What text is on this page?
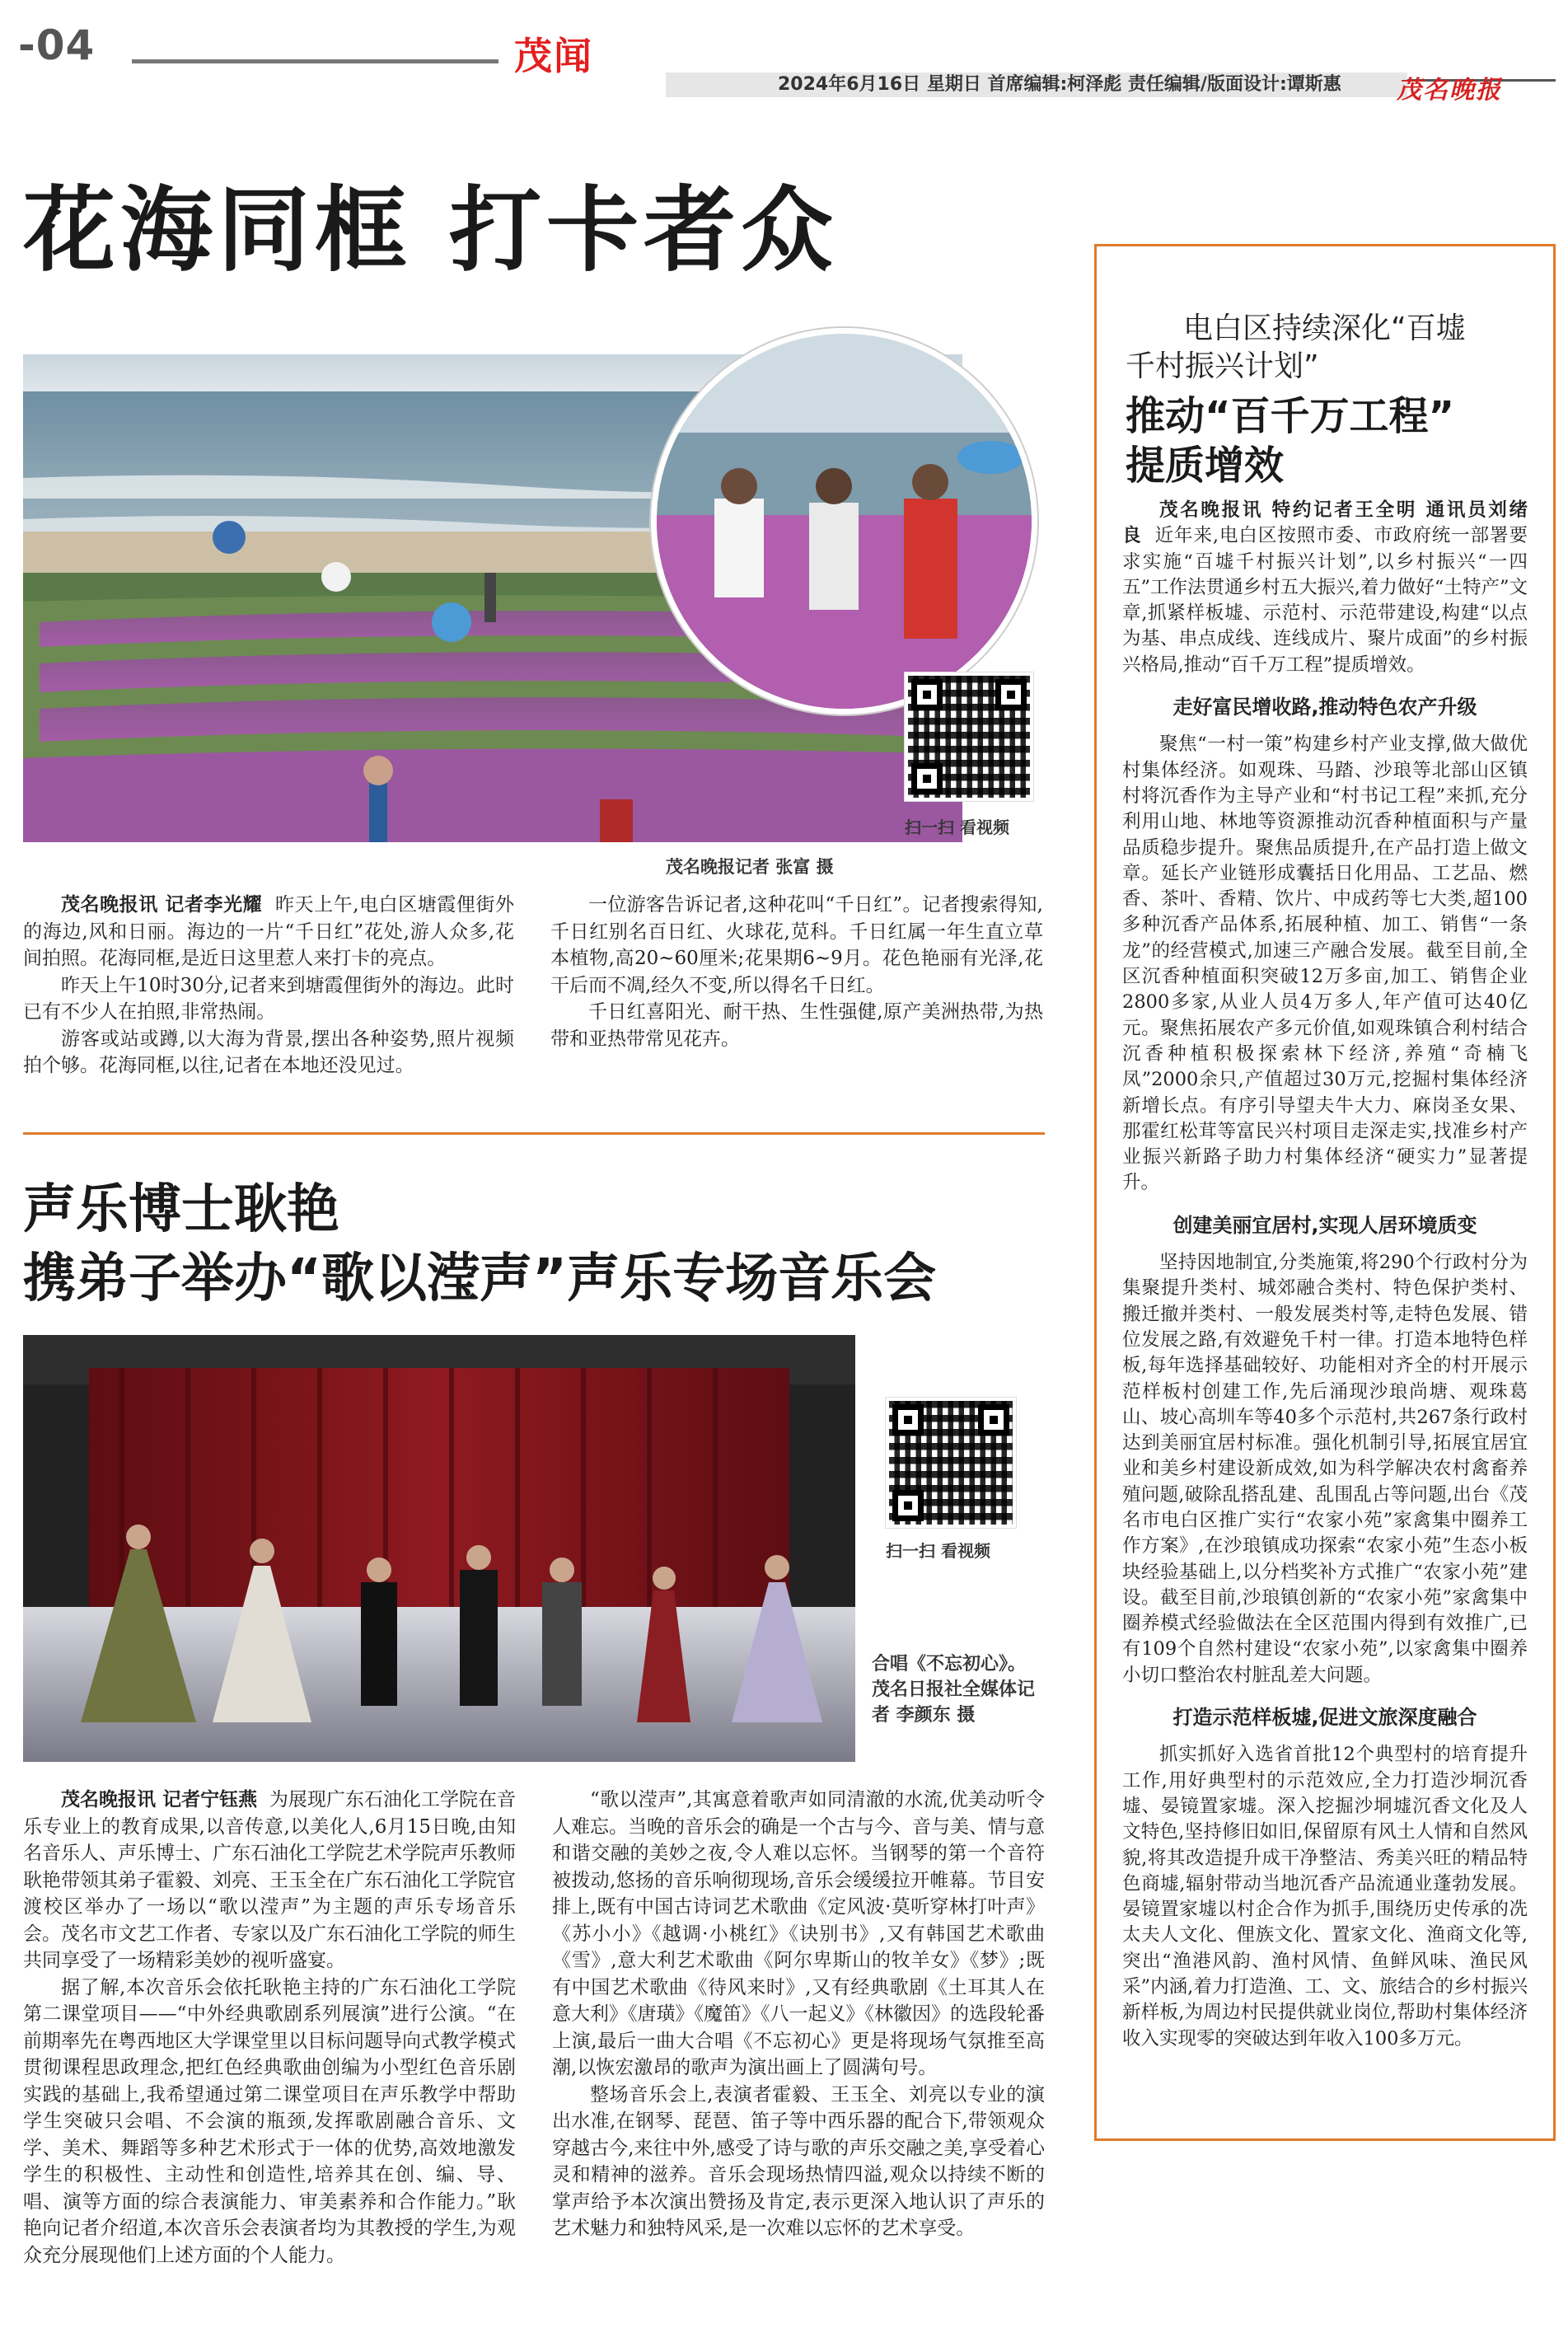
-04	茂闻
2024年6月16日 星期日 首席编辑:柯泽彪 责任编辑/版面设计:谭斯惠 茂名晚报
花海同框 打卡者众
扫一扫 看视频
茂名晚报记者 张富 摄

茂名晚报讯 记者李光耀 昨天上午,电白区塘霞俚街外的海边,风和日丽。海边的一片“千日红”花处,游人众多,花间拍照。花海同框,是近日这里惹人来打卡的亮点。

昨天上午10时30分,记者来到塘霞俚街外的海边。此时已有不少人在拍照,非常热闹。

游客或站或蹲,以大海为背景,摆出各种姿势,照片视频拍个够。花海同框,以往,记者在本地还没见过。

一位游客告诉记者,这种花叫“千日红”。记者搜索得知,千日红别名百日红、火球花,苋科。千日红属一年生直立草本植物,高20~60厘米;花果期6~9月。花色艳丽有光泽,花干后而不凋,经久不变,所以得名千日红。

千日红喜阳光、耐干热、生性强健,原产美洲热带,为热带和亚热带常见花卉。

声乐博士耿艳
携弟子举办“歌以滢声”声乐专场音乐会
扫一扫 看视频
合唱《不忘初心》。茂名日报社全媒体记者 李颜东 摄

茂名晚报讯 记者宁钰燕 为展现广东石油化工学院在音乐专业上的教育成果,以音传意,以美化人,6月15日晚,由知名音乐人、声乐博士、广东石油化工学院艺术学院声乐教师耿艳带领其弟子霍毅、刘亮、王玉全在广东石油化工学院官渡校区举办了一场以“歌以滢声”为主题的声乐专场音乐会。茂名市文艺工作者、专家以及广东石油化工学院的师生共同享受了一场精彩美妙的视听盛宴。

据了解,本次音乐会依托耿艳主持的广东石油化工学院第二课堂项目——“中外经典歌剧系列展演”进行公演。“在前期率先在粤西地区大学课堂里以目标问题导向式教学模式贯彻课程思政理念,把红色经典歌曲创编为小型红色音乐剧实践的基础上,我希望通过第二课堂项目在声乐教学中帮助学生突破只会唱、不会演的瓶颈,发挥歌剧融合音乐、文学、美术、舞蹈等多种艺术形式于一体的优势,高效地激发学生的积极性、主动性和创造性,培养其在创、编、导、唱、演等方面的综合表演能力、审美素养和合作能力。”耿艳向记者介绍道,本次音乐会表演者均为其教授的学生,为观众充分展现他们上述方面的个人能力。

“歌以滢声”,其寓意着歌声如同清澈的水流,优美动听令人难忘。当晚的音乐会的确是一个古与今、音与美、情与意和谐交融的美妙之夜,令人难以忘怀。当钢琴的第一个音符被拨动,悠扬的音乐响彻现场,音乐会缓缓拉开帷幕。节目安排上,既有中国古诗词艺术歌曲《定风波·莫听穿林打叶声》《苏小小》《越调·小桃红》《诀别书》,又有韩国艺术歌曲《雪》,意大利艺术歌曲《阿尔卑斯山的牧羊女》《梦》;既有中国艺术歌曲《待风来时》,又有经典歌剧《土耳其人在意大利》《唐璜》《魔笛》《八一起义》《林徽因》的选段轮番上演,最后一曲大合唱《不忘初心》更是将现场气氛推至高潮,以恢宏激昂的歌声为演出画上了圆满句号。

整场音乐会上,表演者霍毅、王玉全、刘亮以专业的演出水准,在钢琴、琵琶、笛子等中西乐器的配合下,带领观众穿越古今,来往中外,感受了诗与歌的声乐交融之美,享受着心灵和精神的滋养。音乐会现场热情四溢,观众以持续不断的掌声给予本次演出赞扬及肯定,表示更深入地认识了声乐的艺术魅力和独特风采,是一次难以忘怀的艺术享受。

电白区持续深化“百墟
千村振兴计划”
推动“百千万工程”
提质增效

茂名晚报讯 特约记者王全明 通讯员刘绪良 近年来,电白区按照市委、市政府统一部署要求实施“百墟千村振兴计划”,以乡村振兴“一四五”工作法贯通乡村五大振兴,着力做好“土特产”文章,抓紧样板墟、示范村、示范带建设,构建“以点为基、串点成线、连线成片、聚片成面”的乡村振兴格局,推动“百千万工程”提质增效。

走好富民增收路,推动特色农产升级

聚焦“一村一策”构建乡村产业支撑,做大做优村集体经济。如观珠、马踏、沙琅等北部山区镇村将沉香作为主导产业和“村书记工程”来抓,充分利用山地、林地等资源推动沉香种植面积与产量品质稳步提升。聚焦品质提升,在产品打造上做文章。延长产业链形成囊括日化用品、工艺品、燃香、茶叶、香精、饮片、中成药等七大类,超100多种沉香产品体系,拓展种植、加工、销售“一条龙”的经营模式,加速三产融合发展。截至目前,全区沉香种植面积突破12万多亩,加工、销售企业2800多家,从业人员4万多人,年产值可达40亿元。聚焦拓展农产多元价值,如观珠镇合利村结合沉香种植积极探索林下经济,养殖“奇楠飞凤”2000余只,产值超过30万元,挖掘村集体经济新增长点。有序引导望夫牛大力、麻岗圣女果、那霍红松茸等富民兴村项目走深走实,找准乡村产业振兴新路子助力村集体经济“硬实力”显著提升。

创建美丽宜居村,实现人居环境质变

坚持因地制宜,分类施策,将290个行政村分为集聚提升类村、城郊融合类村、特色保护类村、搬迁撤并类村、一般发展类村等,走特色发展、错位发展之路,有效避免千村一律。打造本地特色样板,每年选择基础较好、功能相对齐全的村开展示范样板村创建工作,先后涌现沙琅尚塘、观珠葛山、坡心高圳车等40多个示范村,共267条行政村达到美丽宜居村标准。强化机制引导,拓展宜居宜业和美乡村建设新成效,如为科学解决农村禽畜养殖问题,破除乱搭乱建、乱围乱占等问题,出台《茂名市电白区推广实行“农家小苑”家禽集中圈养工作方案》,在沙琅镇成功探索“农家小苑”生态小板块经验基础上,以分档奖补方式推广“农家小苑”建设。截至目前,沙琅镇创新的“农家小苑”家禽集中圈养模式经验做法在全区范围内得到有效推广,已有109个自然村建设“农家小苑”,以家禽集中圈养小切口整治农村脏乱差大问题。

打造示范样板墟,促进文旅深度融合

抓实抓好入选省首批12个典型村的培育提升工作,用好典型村的示范效应,全力打造沙垌沉香墟、晏镜置家墟。深入挖掘沙垌墟沉香文化及人文特色,坚持修旧如旧,保留原有风土人情和自然风貌,将其改造提升成干净整洁、秀美兴旺的精品特色商墟,辐射带动当地沉香产品流通业蓬勃发展。晏镜置家墟以村企合作为抓手,围绕历史传承的冼太夫人文化、俚族文化、置家文化、渔商文化等,突出“渔港风韵、渔村风情、鱼鲜风味、渔民风采”内涵,着力打造渔、工、文、旅结合的乡村振兴新样板,为周边村民提供就业岗位,帮助村集体经济收入实现零的突破达到年收入100多万元。
